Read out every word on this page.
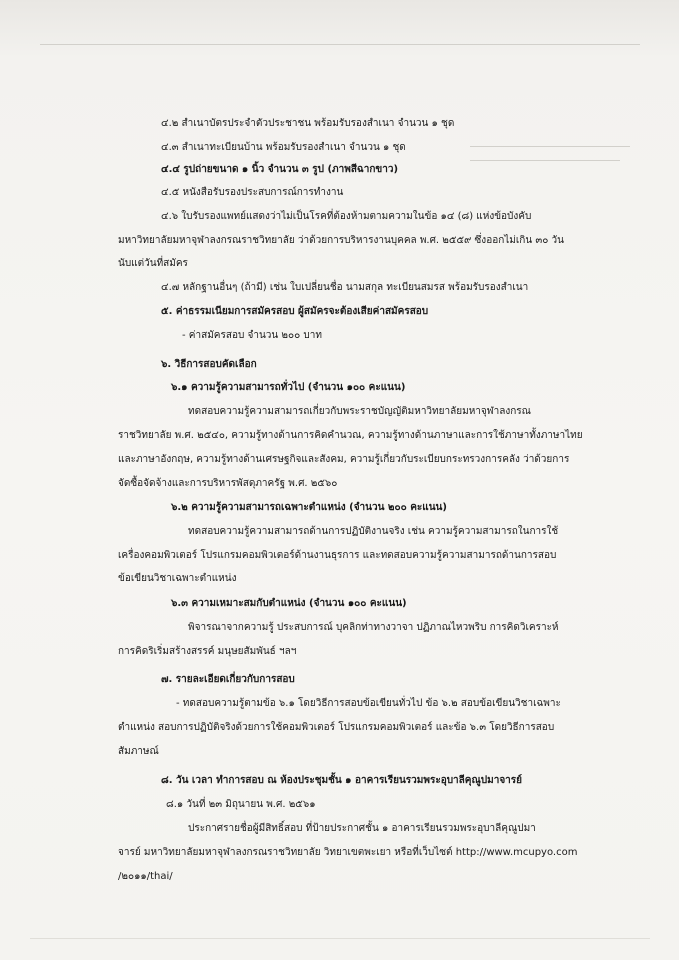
๔.๒ สำเนาบัตรประจำตัวประชาชน พร้อมรับรองสำเนา จำนวน ๑ ชุด
๔.๓ สำเนาทะเบียนบ้าน พร้อมรับรองสำเนา จำนวน ๑ ชุด
๔.๔ รูปถ่ายขนาด ๑ นิ้ว จำนวน ๓ รูป (ภาพสีฉากขาว)
๔.๕ หนังสือรับรองประสบการณ์การทำงาน
๔.๖ ใบรับรองแพทย์แสดงว่าไม่เป็นโรคที่ต้องห้ามตามความในข้อ ๑๔ (๘) แห่งข้อบังคับ
มหาวิทยาลัยมหาจุฬาลงกรณราชวิทยาลัย ว่าด้วยการบริหารงานบุคคล พ.ศ. ๒๕๕๙ ซึ่งออกไม่เกิน ๓๐ วัน
นับแต่วันที่สมัคร
๔.๗ หลักฐานอื่นๆ (ถ้ามี) เช่น ใบเปลี่ยนชื่อ นามสกุล ทะเบียนสมรส พร้อมรับรองสำเนา
๕. ค่าธรรมเนียมการสมัครสอบ ผู้สมัครจะต้องเสียค่าสมัครสอบ
- ค่าสมัครสอบ จำนวน ๒๐๐ บาท
๖. วิธีการสอบคัดเลือก
๖.๑ ความรู้ความสามารถทั่วไป (จำนวน ๑๐๐ คะแนน)
ทดสอบความรู้ความสามารถเกี่ยวกับพระราชบัญญัติมหาวิทยาลัยมหาจุฬาลงกรณ
ราชวิทยาลัย พ.ศ. ๒๕๔๐, ความรู้ทางด้านการคิดคำนวณ, ความรู้ทางด้านภาษาและการใช้ภาษาทั้งภาษาไทย
และภาษาอังกฤษ, ความรู้ทางด้านเศรษฐกิจและสังคม, ความรู้เกี่ยวกับระเบียบกระทรวงการคลัง ว่าด้วยการ
จัดซื้อจัดจ้างและการบริหารพัสดุภาครัฐ พ.ศ. ๒๕๖๐
๖.๒ ความรู้ความสามารถเฉพาะตำแหน่ง (จำนวน ๒๐๐ คะแนน)
ทดสอบความรู้ความสามารถด้านการปฏิบัติงานจริง เช่น ความรู้ความสามารถในการใช้
เครื่องคอมพิวเตอร์ โปรแกรมคอมพิวเตอร์ด้านงานธุรการ และทดสอบความรู้ความสามารถด้านการสอบ
ข้อเขียนวิชาเฉพาะตำแหน่ง
๖.๓ ความเหมาะสมกับตำแหน่ง (จำนวน ๑๐๐ คะแนน)
พิจารณาจากความรู้ ประสบการณ์ บุคลิกท่าทางวาจา ปฏิภาณไหวพริบ การคิดวิเคราะห์
การคิดริเริ่มสร้างสรรค์ มนุษยสัมพันธ์ ฯลฯ
๗. รายละเอียดเกี่ยวกับการสอบ
- ทดสอบความรู้ตามข้อ ๖.๑ โดยวิธีการสอบข้อเขียนทั่วไป ข้อ ๖.๒ สอบข้อเขียนวิชาเฉพาะ
ตำแหน่ง สอบการปฏิบัติจริงด้วยการใช้คอมพิวเตอร์ โปรแกรมคอมพิวเตอร์ และข้อ ๖.๓ โดยวิธีการสอบ
สัมภาษณ์
๘. วัน เวลา ทำการสอบ ณ ห้องประชุมชั้น ๑ อาคารเรียนรวมพระอุบาลีคุณูปมาจารย์
๘.๑ วันที่ ๒๓ มิถุนายน พ.ศ. ๒๕๖๑
ประกาศรายชื่อผู้มีสิทธิ์สอบ ที่ป้ายประกาศชั้น ๑ อาคารเรียนรวมพระอุบาลีคุณูปมา
จารย์ มหาวิทยาลัยมหาจุฬาลงกรณราชวิทยาลัย วิทยาเขตพะเยา หรือที่เว็บไซต์ http://www.mcupyo.com
/๒๐๑๑/thai/
